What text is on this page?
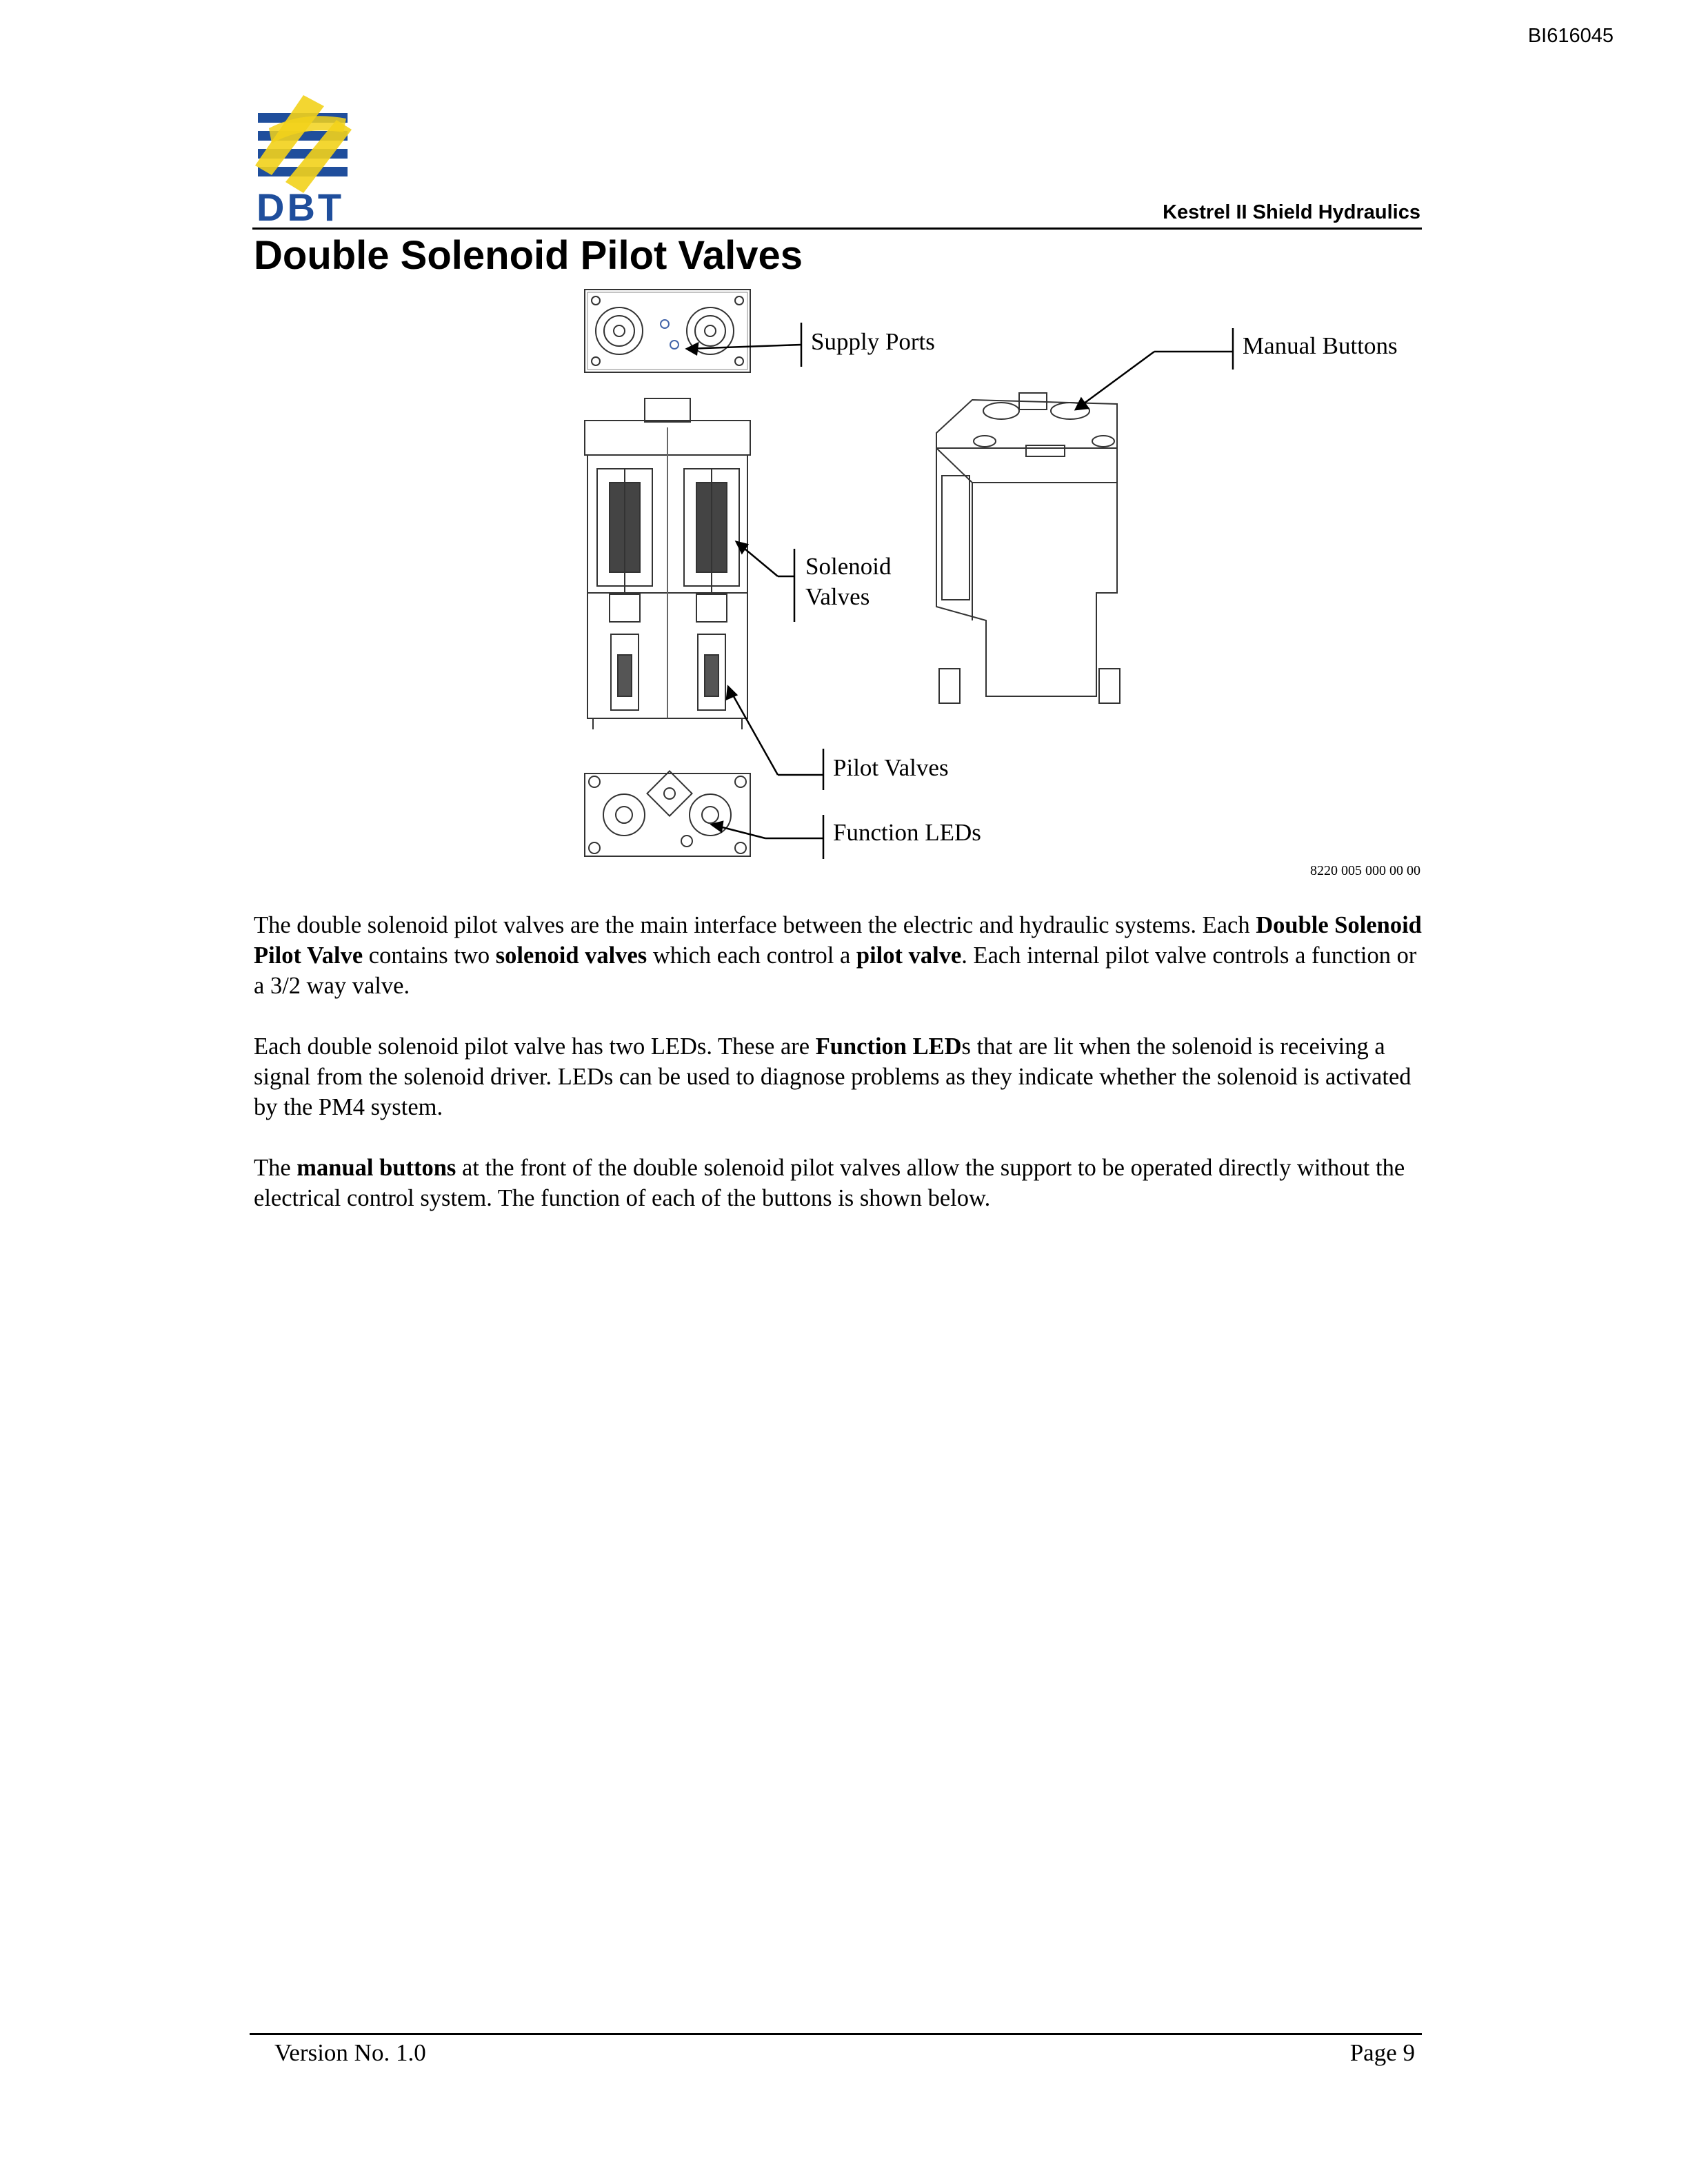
BI616045
DBT	Kestrel II Shield Hydraulics
Double Solenoid Pilot Valves
Supply Ports	Manual Buttons
Solenoid
Valves
Pilot Valves
Function LEDs
8220 005 000 00 00

The double solenoid pilot valves are the main interface between the electric and hydraulic systems. Each Double Solenoid Pilot Valve contains two solenoid valves which each control a pilot valve. Each internal pilot valve controls a function or a 3/2 way valve.

Each double solenoid pilot valve has two LEDs. These are Function LEDs that are lit when the solenoid is receiving a signal from the solenoid driver. LEDs can be used to diagnose problems as they indicate whether the solenoid is activated by the PM4 system.

The manual buttons at the front of the double solenoid pilot valves allow the support to be operated directly without the electrical control system. The function of each of the buttons is shown below.

Version No. 1.0	Page 9
